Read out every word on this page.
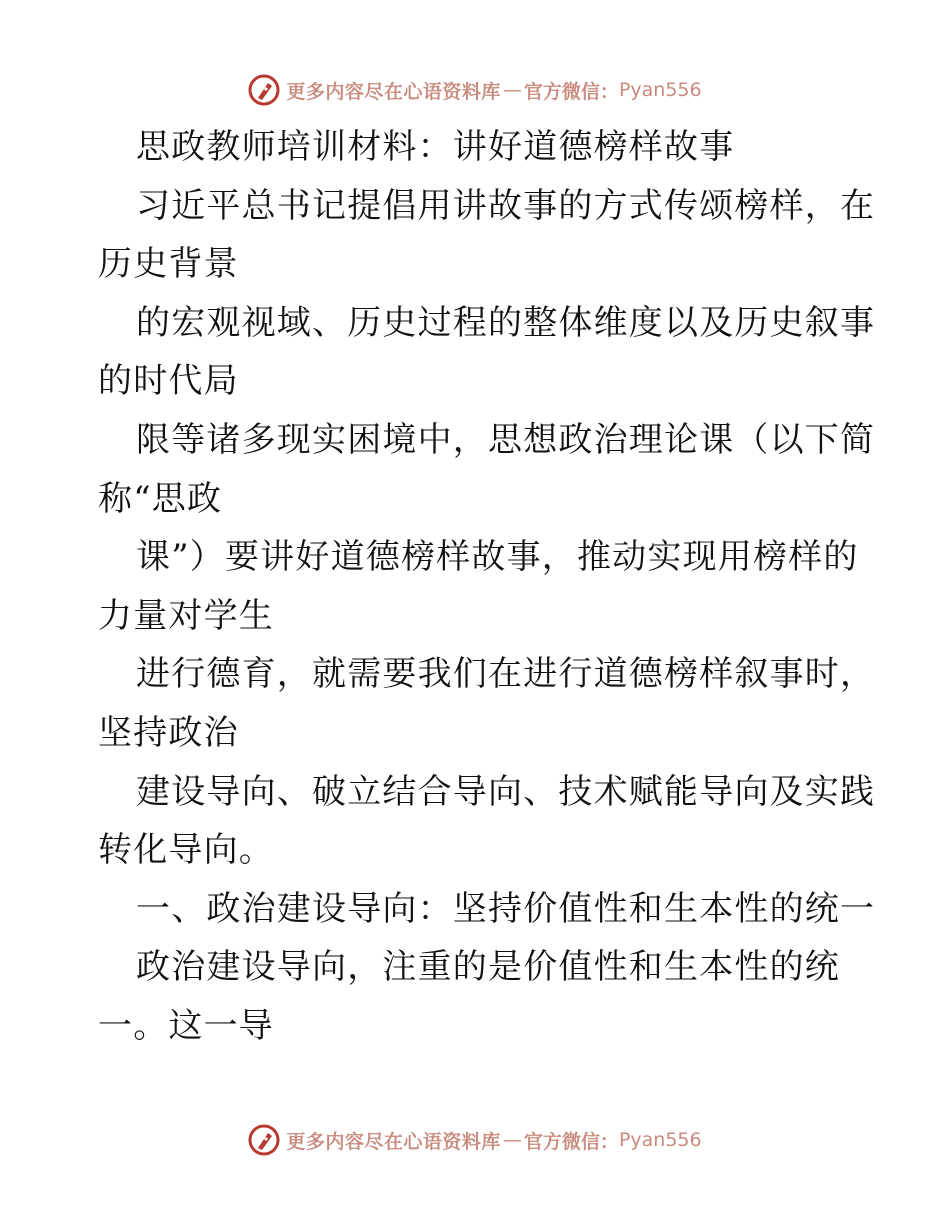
更多内容尽在心语资料库 — 官方微信： Pyan556

思政教师培训材料：讲好道德榜样故事

习近平总书记提倡用讲故事的方式传颂榜样，在

历史背景

的宏观视域、历史过程的整体维度以及历史叙事

的时代局

限等诸多现实困境中，思想政治理论课（以下简

称“思政

课”）要讲好道德榜样故事，推动实现用榜样的

力量对学生

进行德育，就需要我们在进行道德榜样叙事时，

坚持政治

建设导向、破立结合导向、技术赋能导向及实践

转化导向。

一、政治建设导向：坚持价值性和生本性的统一

政治建设导向，注重的是价值性和生本性的统

一。这一导

更多内容尽在心语资料库 — 官方微信： Pyan556
